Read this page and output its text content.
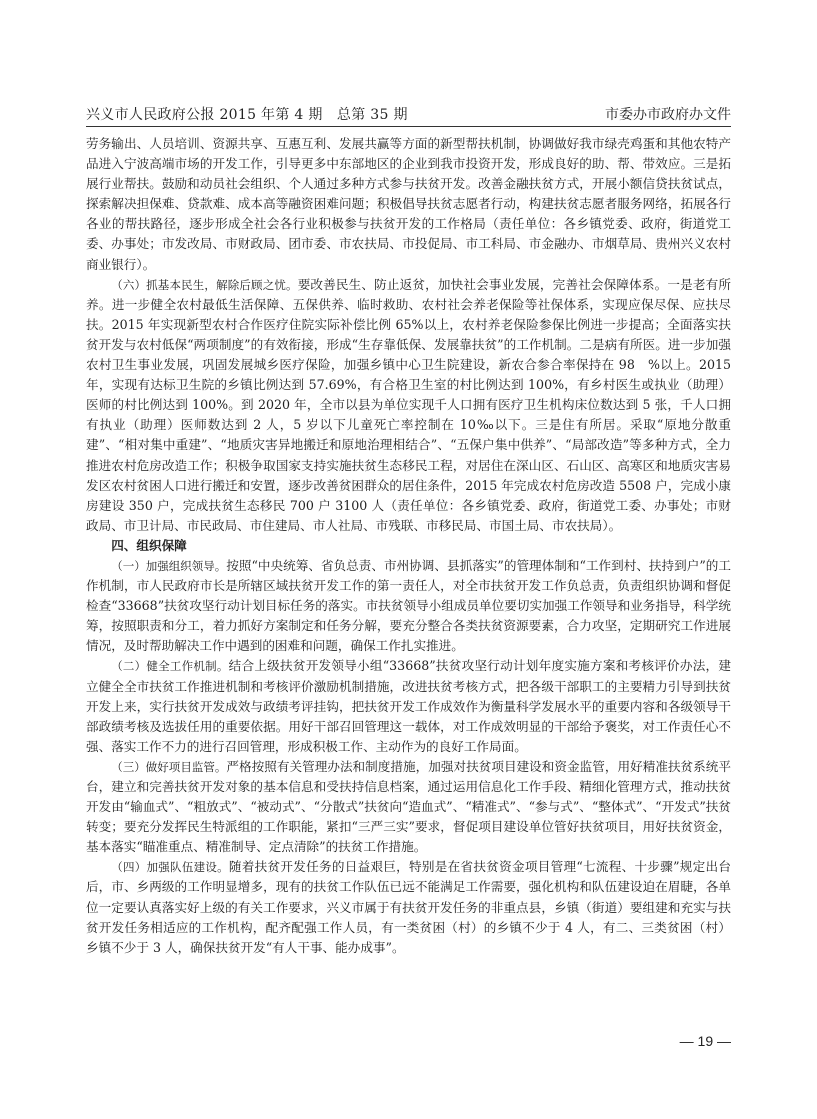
兴义市人民政府公报 2015 年第 4 期　总第 35 期	市委办市政府办文件

劳务输出、人员培训、资源共享、互惠互利、发展共赢等方面的新型帮扶机制，协调做好我市绿壳鸡蛋和其他农特产品进入宁波高端市场的开发工作，引导更多中东部地区的企业到我市投资开发，形成良好的助、帮、带效应。三是拓展行业帮扶。鼓励和动员社会组织、个人通过多种方式参与扶贫开发。改善金融扶贫方式，开展小额信贷扶贫试点，探索解决担保难、贷款难、成本高等融资困难问题；积极倡导扶贫志愿者行动，构建扶贫志愿者服务网络，拓展各行各业的帮扶路径，逐步形成全社会各行业积极参与扶贫开发的工作格局（责任单位：各乡镇党委、政府，街道党工委、办事处；市发改局、市财政局、团市委、市农扶局、市投促局、市工科局、市金融办、市烟草局、贵州兴义农村商业银行）。

（六）抓基本民生，解除后顾之忧。要改善民生、防止返贫，加快社会事业发展，完善社会保障体系。一是老有所养。进一步健全农村最低生活保障、五保供养、临时救助、农村社会养老保险等社保体系，实现应保尽保、应扶尽扶。2015 年实现新型农村合作医疗住院实际补偿比例 65%以上，农村养老保险参保比例进一步提高；全面落实扶贫开发与农村低保“两项制度”的有效衔接，形成“生存靠低保、发展靠扶贫”的工作机制。二是病有所医。进一步加强农村卫生事业发展，巩固发展城乡医疗保险，加强乡镇中心卫生院建设，新农合参合率保持在 98　%以上。2015 年，实现有达标卫生院的乡镇比例达到 57.69%，有合格卫生室的村比例达到 100%，有乡村医生或执业（助理）医师的村比例达到 100%。到 2020 年，全市以县为单位实现千人口拥有医疗卫生机构床位数达到 5 张，千人口拥有执业（助理）医师数达到 2 人，5 岁以下儿童死亡率控制在 10‰以下。三是住有所居。采取“原地分散重建”、“相对集中重建”、“地质灾害异地搬迁和原地治理相结合”、“五保户集中供养”、“局部改造”等多种方式，全力推进农村危房改造工作；积极争取国家支持实施扶贫生态移民工程，对居住在深山区、石山区、高寒区和地质灾害易发区农村贫困人口进行搬迁和安置，逐步改善贫困群众的居住条件，2015 年完成农村危房改造 5508 户，完成小康房建设 350 户，完成扶贫生态移民 700 户 3100 人（责任单位：各乡镇党委、政府，街道党工委、办事处；市财政局、市卫计局、市民政局、市住建局、市人社局、市残联、市移民局、市国土局、市农扶局）。

四、组织保障

（一）加强组织领导。按照“中央统筹、省负总责、市州协调、县抓落实”的管理体制和“工作到村、扶持到户”的工作机制，市人民政府市长是所辖区域扶贫开发工作的第一责任人，对全市扶贫开发工作负总责，负责组织协调和督促检查“33668”扶贫攻坚行动计划目标任务的落实。市扶贫领导小组成员单位要切实加强工作领导和业务指导，科学统筹，按照职责和分工，着力抓好方案制定和任务分解，要充分整合各类扶贫资源要素，合力攻坚，定期研究工作进展情况，及时帮助解决工作中遇到的困难和问题，确保工作扎实推进。

（二）健全工作机制。结合上级扶贫开发领导小组“33668”扶贫攻坚行动计划年度实施方案和考核评价办法，建立健全全市扶贫工作推进机制和考核评价激励机制措施，改进扶贫考核方式，把各级干部职工的主要精力引导到扶贫开发上来，实行扶贫开发成效与政绩考评挂钩，把扶贫开发工作成效作为衡量科学发展水平的重要内容和各级领导干部政绩考核及选拔任用的重要依据。用好干部召回管理这一载体，对工作成效明显的干部给予褒奖，对工作责任心不强、落实工作不力的进行召回管理，形成积极工作、主动作为的良好工作局面。

（三）做好项目监管。严格按照有关管理办法和制度措施，加强对扶贫项目建设和资金监管，用好精准扶贫系统平台，建立和完善扶贫开发对象的基本信息和受扶持信息档案，通过运用信息化工作手段、精细化管理方式，推动扶贫开发由“输血式”、“粗放式”、“被动式”、“分散式”扶贫向“造血式”、“精准式”、“参与式”、“整体式”、“开发式”扶贫转变；要充分发挥民生特派组的工作职能，紧扣“三严三实”要求，督促项目建设单位管好扶贫项目，用好扶贫资金，基本落实“瞄准重点、精准制导、定点清除”的扶贫工作措施。

（四）加强队伍建设。随着扶贫开发任务的日益艰巨，特别是在省扶贫资金项目管理“七流程、十步骤”规定出台后，市、乡两级的工作明显增多，现有的扶贫工作队伍已远不能满足工作需要，强化机构和队伍建设迫在眉睫，各单位一定要认真落实好上级的有关工作要求，兴义市属于有扶贫开发任务的非重点县，乡镇（街道）要组建和充实与扶贫开发任务相适应的工作机构，配齐配强工作人员，有一类贫困（村）的乡镇不少于 4 人，有二、三类贫困（村）乡镇不少于 3 人，确保扶贫开发“有人干事、能办成事”。

— 19 —
